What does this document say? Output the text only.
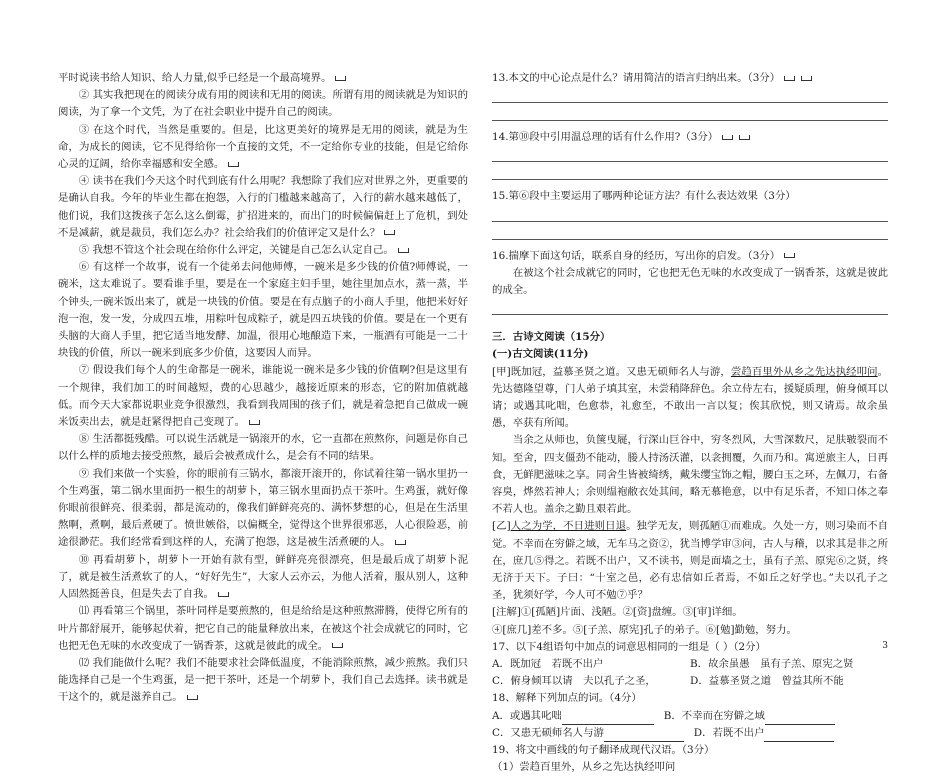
平时说读书给人知识、给人力量,似乎已经是一个最高境界。

② 其实我把现在的阅读分成有用的阅读和无用的阅读。所谓有用的阅读就是为知识的阅读，为了拿一个文凭，为了在社会职业中提升自己的阅读。

③ 在这个时代，当然是重要的。但是，比这更美好的境界是无用的阅读，就是为生命，为成长的阅读，它不见得给你一个直接的文凭，不一定给你专业的技能，但是它给你心灵的辽阔，给你幸福感和安全感。

④ 读书在我们今天这个时代到底有什么用呢？我想除了我们应对世界之外，更重要的是确认自我。今年的毕业生都在抱怨，入行的门槛越来越高了，入行的薪水越来越低了，他们说，我们这拨孩子怎么这么倒霉，扩招进来的，而出门的时候偏偏赶上了危机，到处不是减薪，就是裁员，我们怎么办？社会给我们的价值评定又是什么？

⑤ 我想不管这个社会现在给你什么评定，关键是自己怎么认定自己。

⑥ 有这样一个故事，说有一个徒弟去问他师傅，一碗米是多少钱的价值?师傅说，一碗米，这太难说了。要看谁手里，要是在一个家庭主妇手里，她往里加点水，蒸一蒸，半个钟头,一碗米饭出来了，就是一块钱的价值。要是在有点脑子的小商人手里，他把米好好泡一泡，发一发，分成四五堆，用粽叶包成粽子，就是四五块钱的价值。要是在一个更有头脑的大商人手里，把它适当地发酵、加温，很用心地酿造下来，一瓶酒有可能是一二十块钱的价值，所以一碗米到底多少价值，这要因人而异。

⑦ 假设我们每个人的生命都是一碗米，谁能说一碗米是多少钱的价值啊?但是这里有一个规律，我们加工的时间越短，费的心思越少，越接近原来的形态，它的附加值就越低。而今天大家都说职业竞争很激烈，我看到我周围的孩子们，就是着急把自己做成一碗米饭卖出去，就是赶紧得把自己变现了。

⑧ 生活都挺残酷。可以说生活就是一锅滚开的水，它一直都在煎熬你，问题是你自己以什么样的质地去接受煎熬，最后会被煮成什么，是会有不同的结果。

⑨ 我们来做一个实验，你的眼前有三锅水，都滚开滚开的，你试着往第一锅水里扔一个生鸡蛋，第二锅水里面扔一根生的胡萝卜，第三锅水里面扔点干茶叶。生鸡蛋，就好像你眼前很鲜亮、很柔弱，都是流动的，像我们鲜鲜亮亮的、满怀梦想的心，但是在生活里熬啊，煮啊，最后煮硬了。愤世嫉俗，以偏概全，觉得这个世界很邪恶，人心很险恶，前途很渺茫。我们经常看到这样的人，充满了抱怨，这是被生活煮硬的人。

⑩ 再看胡萝卜，胡萝卜一开始有款有型，鲜鲜亮亮很漂亮，但是最后成了胡萝卜泥了，就是被生活煮软了的人，“好好先生”，大家人云亦云，为他人活着，服从别人，这种人固然挺善良，但是失去了自我。

⑾ 再看第三个锅里，茶叶同样是要煎熬的，但是给给是这种煎熬滞腾，使得它所有的叶片都舒展开，能够起伏着，把它自己的能量释放出来，在被这个社会成就它的同时，它也把无色无味的水改变成了一锅香茶，这就是彼此的成全。

⑿ 我们能做什么呢？我们不能要求社会降低温度，不能消除煎熬，减少煎熬。我们只能选择自己是一个生鸡蛋，是一把干茶叶，还是一个胡萝卜，我们自己去选择。读书就是干这个的，就是滋养自己。

13.本文的中心论点是什么？请用简洁的语言归纳出来。（3分）

14.第⑩段中引用温总理的话有什么作用?（3分）

15.第⑥段中主要运用了哪两种论证方法？有什么表达效果（3分）

16.揣摩下面这句话，联系自身的经历，写出你的启发。（3分）

在被这个社会成就它的同时，它也把无色无味的水改变成了一锅香茶，这就是彼此的成全。

三．古诗文阅读（15分）

(一)古文阅读(11分)

[甲]既加冠，益慕圣贤之道。又患无硕师名人与游，尝趋百里外从乡之先达执经叩问。先达德隆望尊，门人弟子填其室，未尝稍降辞色。余立侍左右，援疑质理，俯身倾耳以请；或遇其叱咄，色愈恭，礼愈至，不敢出一言以复；俟其欣悦，则又请焉。故余虽愚，卒获有所闻。

当余之从师也，负箧曳屣，行深山巨谷中，穷冬烈风，大雪深数尺，足肤皲裂而不知。至舍，四支僵劲不能动，媵人持汤沃灌，以衾拥覆，久而乃和。寓逆旅主人，日再食，无鲜肥滋味之享。同舍生皆被绮绣，戴朱缨宝饰之帽，腰白玉之环，左佩刀，右备容臭，烨然若神人；余则缊袍敝衣处其间，略无慕艳意，以中有足乐者，不知口体之奉不若人也。盖余之勤且艰若此。

[乙]人之为学，不日进则日退。独学无友，则孤陋①而难成。久处一方，则习染而不自觉。不幸而在穷僻之域，无车马之资②，犹当博学审③问，古人与稽，以求其是非之所在，庶几⑤得之。若既不出户，又不读书，则是面墙之士，虽有子羔、原宪⑥之贤，终无济于天下。子曰：“十室之邑，必有忠信如丘者焉，不如丘之好学也。”夫以孔子之圣，犹须好学，今人可不勉⑦乎？

[注解]①[孤陋]片面、浅陋。②[资]盘缠。③[审]详细。

④[庶几]差不多。⑤[子羔、原宪]孔子的弟子。⑥[勉]勤勉，努力。

17、以下4组语句中加点的词意思相同的一组是（ ）（2分）

A．既加冠　若既不出户	B．故余虽愚　虽有子羔、原宪之贤
C．俯身倾耳以请　夫以孔子之圣，	D．益慕圣贤之道　曾益其所不能

18、解释下列加点的词。（4分）

A．或遇其叱咄	B．不幸而在穷僻之域

C．又患无硕师名人与游	D．若既不出户

19、将文中画线的句子翻译成现代汉语。（3分）

（1）尝趋百里外，从乡之先达执经叩问

3
